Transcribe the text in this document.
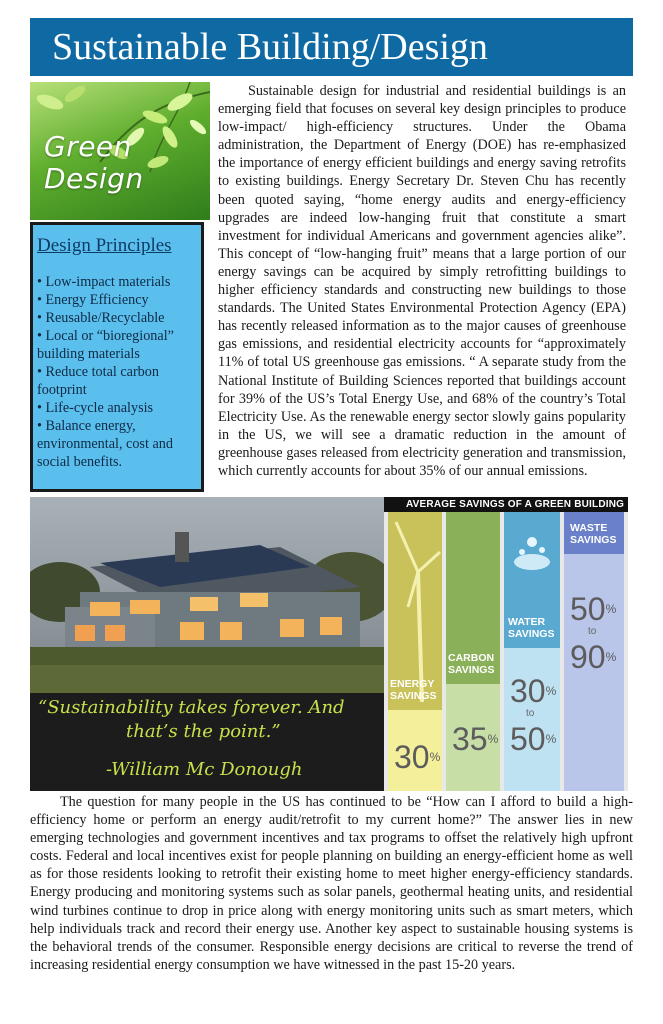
Sustainable Building/Design
Green
Design
Design Principles
• Low-impact materials
• Energy Efficiency
• Reusable/Recyclable
• Local or “bioregional” building materials
• Reduce total carbon footprint
• Life-cycle analysis
• Balance energy, environmental, cost and social benefits.

Sustainable design for industrial and residential buildings is an emerging field that focuses on several key design principles to produce low-impact/ high-efficiency structures. Under the Obama administration, the Department of Energy (DOE) has re-emphasized the importance of energy efficient buildings and energy saving retrofits to existing buildings. Energy Secretary Dr. Steven Chu has recently been quoted saying, “home energy audits and energy-efficiency upgrades are indeed low-hanging fruit that constitute a smart investment for individual Americans and government agencies alike”. This concept of “low-hanging fruit” means that a large portion of our energy savings can be acquired by simply retrofitting buildings to higher efficiency standards and constructing new buildings to those standards. The United States Environmental Protection Agency (EPA) has recently released information as to the major causes of greenhouse gas emissions, and residential electricity accounts for “approximately 11% of total US greenhouse gas emissions. “ A separate study from the National Institute of Building Sciences reported that buildings account for 39% of the US’s Total Energy Use, and 68% of the country’s Total Electricity Use. As the renewable energy sector slowly gains popularity in the US, we will see a dramatic reduction in the amount of greenhouse gases released from electricity generation and transmission, which currently accounts for about 35% of our annual emissions.

“Sustainability takes forever. And
that’s the point.”
-William Mc Donough
AVERAGE SAVINGS OF A GREEN BUILDING
ENERGY SAVINGS
30%
CARBON SAVINGS
35%
WATER SAVINGS
30%
to
50%
WASTE SAVINGS
50%
to
90%

The question for many people in the US has continued to be “How can I afford to build a high-efficiency home or perform an energy audit/retrofit to my current home?” The answer lies in new emerging technologies and government incentives and tax programs to offset the relatively high upfront costs. Federal and local incentives exist for people planning on building an energy-efficient home as well as for those residents looking to retrofit their existing home to meet higher energy-efficiency standards. Energy producing and monitoring systems such as solar panels, geothermal heating units, and residential wind turbines continue to drop in price along with energy monitoring units such as smart meters, which help individuals track and record their energy use. Another key aspect to sustainable housing systems is the behavioral trends of the consumer. Responsible energy decisions are critical to reverse the trend of increasing residential energy consumption we have witnessed in the past 15-20 years.
